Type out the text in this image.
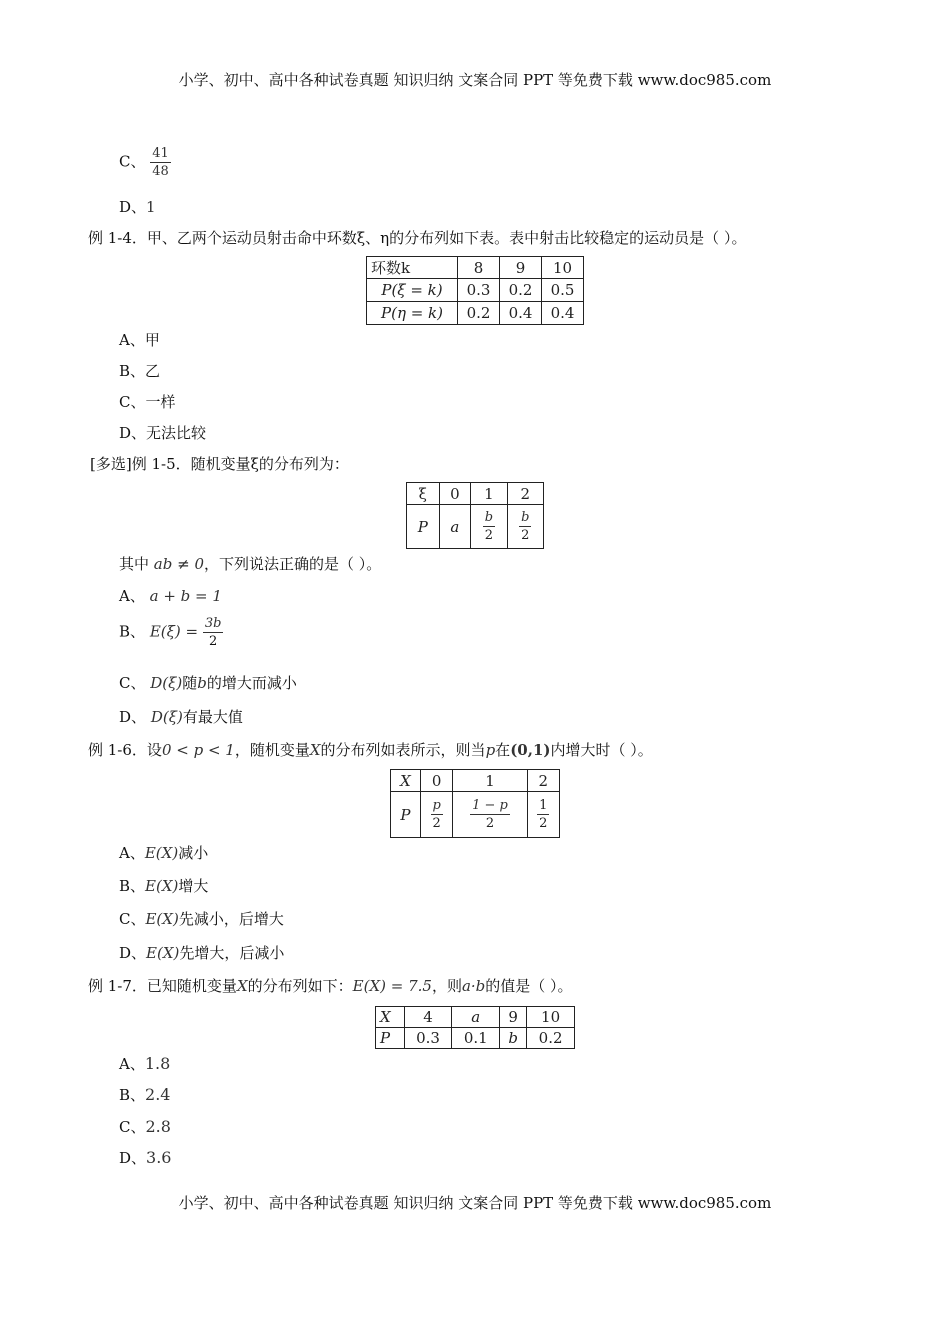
小学、初中、高中各种试卷真题 知识归纳 文案合同 PPT 等免费下载 www.doc985.com
C、 $\frac{41}{48}$
D、1
例 1-4．甲、乙两个运动员射击命中环数ξ、η的分布列如下表。表中射击比较稳定的运动员是（ ）。
环数k	8	9	10
P(ξ = k)	0.3	0.2	0.5
P(η = k)	0.2	0.4	0.4
A、甲
B、乙
C、一样
D、无法比较
[多选]例 1-5．随机变量ξ的分布列为：
ξ	0	1	2
P	a	$\frac{b}{2}$	$\frac{b}{2}$
其中 ab ≠ 0，下列说法正确的是（ ）。
A、 a + b = 1
B、 $E(\xi) = \frac{3b}{2}$
C、 D(ξ)随b的增大而减小
D、 D(ξ)有最大值
例 1-6．设0 < p < 1，随机变量X的分布列如表所示，则当p在(0,1)内增大时（ ）。
X	0	1	2
P	$\frac{p}{2}$	$\frac{1 - p}{2}$	$\frac{1}{2}$
A、E(X)减小
B、E(X)增大
C、E(X)先减小，后增大
D、E(X)先增大，后减小
例 1-7．已知随机变量X的分布列如下：E(X) = 7.5，则a·b的值是（ ）。
X	4	a	9	10
P	0.3	0.1	b	0.2
A、1.8
B、2.4
C、2.8
D、3.6
小学、初中、高中各种试卷真题 知识归纳 文案合同 PPT 等免费下载 www.doc985.com
